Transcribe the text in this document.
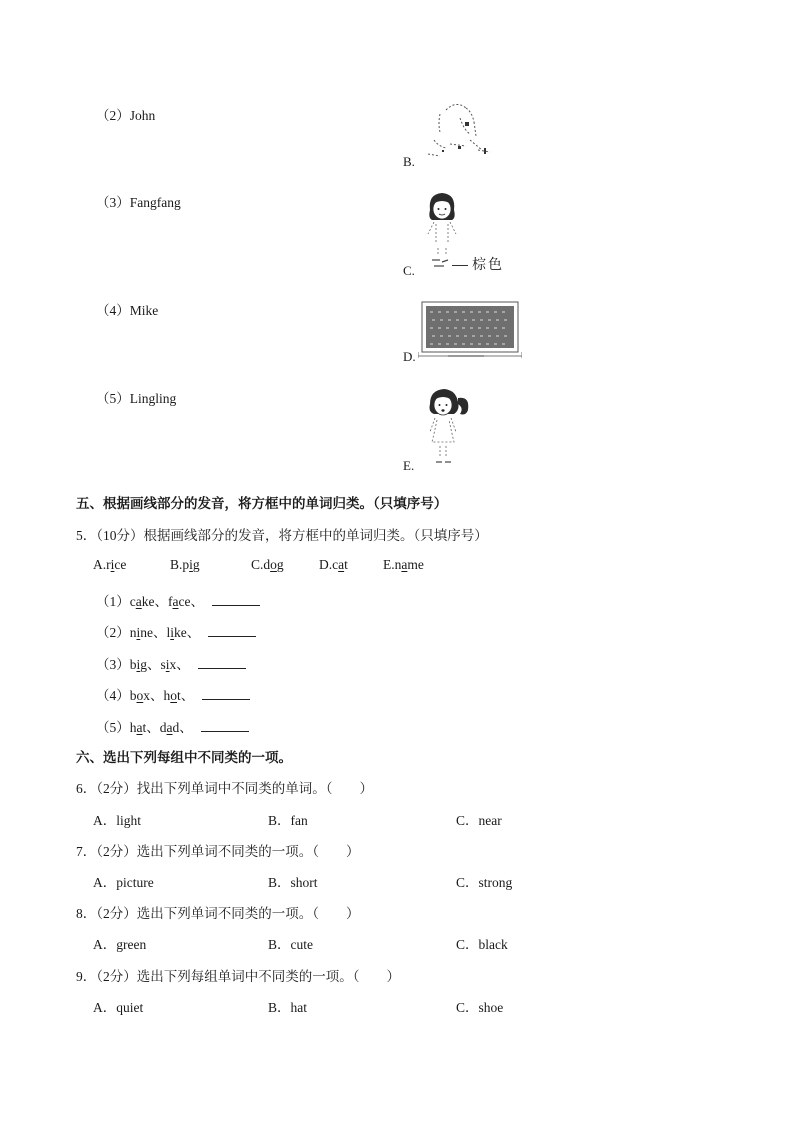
（2）John
（3）Fangfang
（4）Mike
（5）Lingling
B.
C.	棕色
D.
E.
五、根据画线部分的发音，将方框中的单词归类。（只填序号）
5．（10分）根据画线部分的发音，将方框中的单词归类。（只填序号）
A.rice	B.pig	C.dog	D.cat	E.name
（1）cake、face、
（2）nine、like、
（3）big、six、
（4）box、hot、
（5）hat、dad、
六、选出下列每组中不同类的一项。
6．（2分）找出下列单词中不同类的单词。（　　）
A．light	B．fan	C．near
7．（2分）选出下列单词不同类的一项。（　　）
A．picture	B．short	C．strong
8．（2分）选出下列单词不同类的一项。（　　）
A．green	B．cute	C．black
9．（2分）选出下列每组单词中不同类的一项。（　　）
A．quiet	B．hat	C．shoe
